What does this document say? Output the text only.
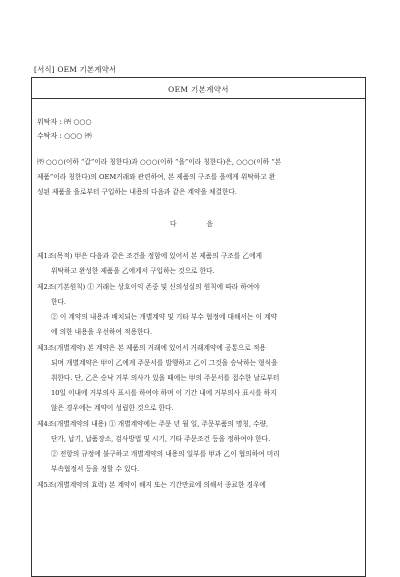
[서식] OEM 기본계약서
OEM 기본계약서
위탁자 : ㈜ ○○○
수탁자 : ○○○ ㈜
㈜ ○○○(이하 “갑”이라 칭한다)과 ○○○(이하 “을”이라 칭한다)은, ○○○(이하 “본
제품”이라 칭한다)의 OEM거래와 관련하여, 본 제품의 구조를 을에게 위탁하고 완
성된 제품을 을로부터 구입하는 내용의 다음과 같은 계약을 체결한다.
다 음
제1조(목적) 甲은 다음과 같은 조건을 정함에 있어서 본 제품의 구조를 乙에게
위탁하고 완성한 제품을 乙에게서 구입하는 것으로 한다.
제2조(기본원칙) ① 거래는 상호이익 존중 및 신의성실의 원칙에 따라 하여야
한다.
② 이 계약의 내용과 배치되는 개별계약 및 기타 부수 협정에 대해서는 이 계약
에 의한 내용을 우선하여 적용한다.
제3조(개별계약) 본 계약은 본 제품의 거래에 있어서 거래계약에 공통으로 적용
되며 개별계약은 甲이 乙에게 주문서를 발행하고 乙이 그것을 승낙하는 형식을
취한다. 단, 乙은 승낙 거부 의사가 있을 때에는 甲의 주문서를 접수한 날로부터
10일 이내에 거부의사 표시를 하여야 하며 이 기간 내에 거부의사 표시를 하지
않은 경우에는 계약이 성립한 것으로 한다.
제4조(개별계약의 내용) ① 개별계약에는 주문 년 월 일, 주문부품의 명칭, 수량,
단가, 납기, 납품장소, 검사방법 및 시기, 기타 주문조건 등을 정하여야 한다.
② 전항의 규정에 불구하고 개별계약의 내용의 일부를 甲과 乙이 협의하여 미리
부속협정서 등을 정할 수 있다.
제5조(개별계약의 효력) 본 계약이 해지 또는 기간만료에 의해서 종료한 경우에
